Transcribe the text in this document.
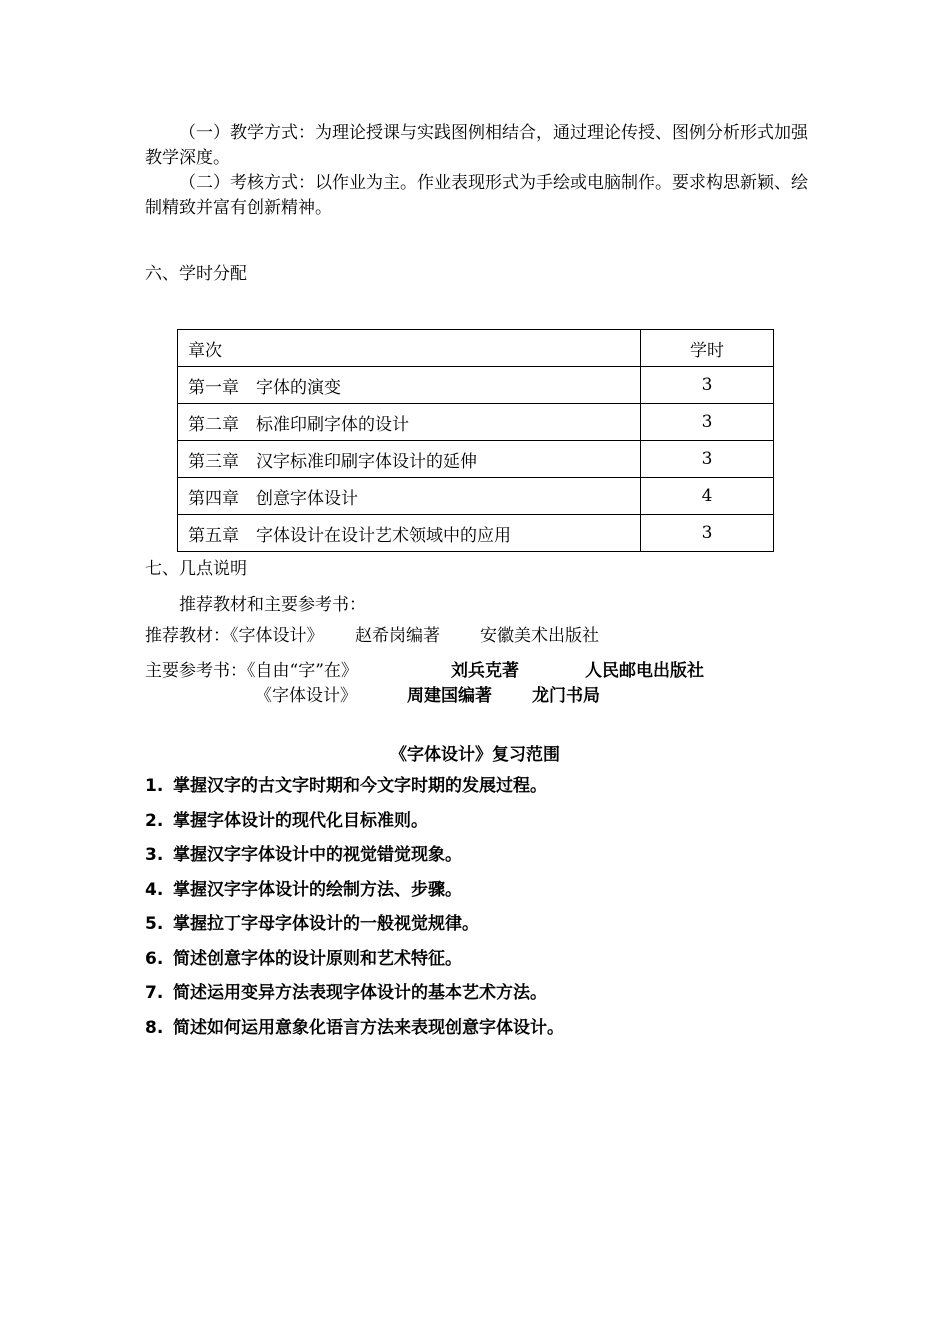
（一）教学方式：为理论授课与实践图例相结合，通过理论传授、图例分析形式加强教学深度。

（二）考核方式：以作业为主。作业表现形式为手绘或电脑制作。要求构思新颖、绘制精致并富有创新精神。

六、学时分配
章次	学时
第一章　字体的演变	3
第二章　标准印刷字体的设计	3
第三章　汉字标准印刷字体设计的延伸	3
第四章　创意字体设计	4
第五章　字体设计在设计艺术领域中的应用	3
七、几点说明
推荐教材和主要参考书：
推荐教材：《字体设计》 赵希岗编著 安徽美术出版社
主要参考书：《自由“字”在》	刘兵克著	人民邮电出版社
《字体设计》	周建国编著 龙门书局
《字体设计》复习范围
1. 掌握汉字的古文字时期和今文字时期的发展过程。
2. 掌握字体设计的现代化目标准则。
3. 掌握汉字字体设计中的视觉错觉现象。
4. 掌握汉字字体设计的绘制方法、步骤。
5. 掌握拉丁字母字体设计的一般视觉规律。
6. 简述创意字体的设计原则和艺术特征。
7. 简述运用变异方法表现字体设计的基本艺术方法。
8. 简述如何运用意象化语言方法来表现创意字体设计。
